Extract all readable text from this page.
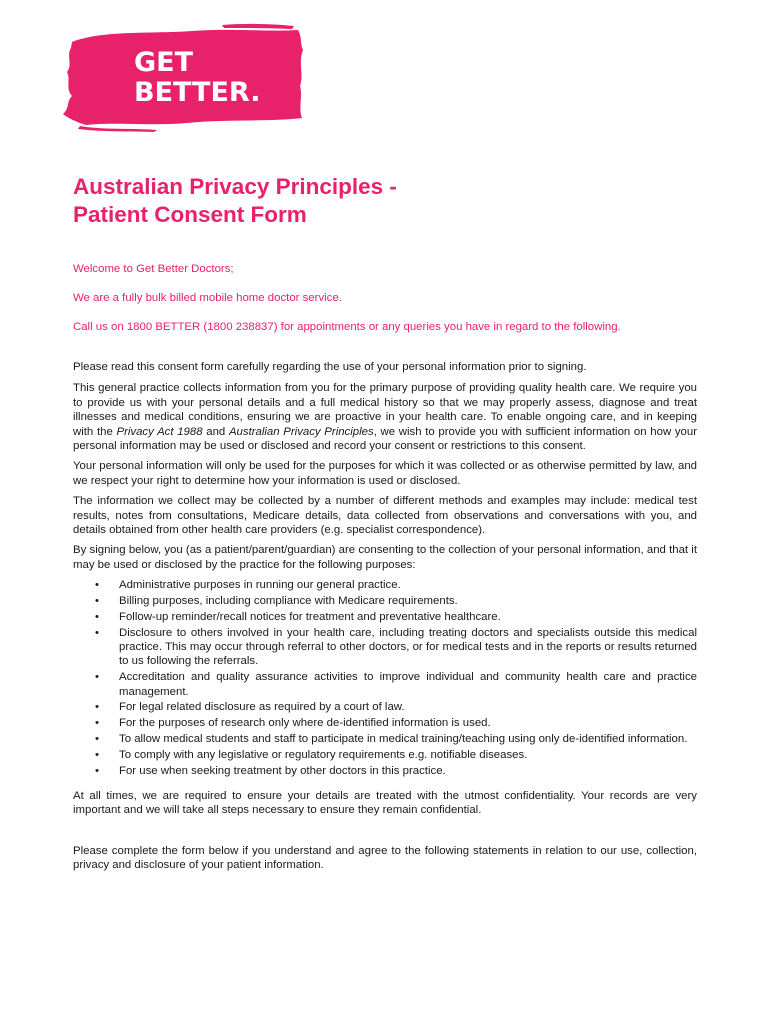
GET
BETTER.
Australian Privacy Principles -
Patient Consent Form

Welcome to Get Better Doctors;

We are a fully bulk billed mobile home doctor service.

Call us on 1800 BETTER (1800 238837) for appointments or any queries you have in regard to the following.

Please read this consent form carefully regarding the use of your personal information prior to signing.

This general practice collects information from you for the primary purpose of providing quality health care. We require you to provide us with your personal details and a full medical history so that we may properly assess, diagnose and treat illnesses and medical conditions, ensuring we are proactive in your health care. To enable ongoing care, and in keeping with the Privacy Act 1988 and Australian Privacy Principles, we wish to provide you with sufficient information on how your personal information may be used or disclosed and record your consent or restrictions to this consent.

Your personal information will only be used for the purposes for which it was collected or as otherwise permitted by law, and we respect your right to determine how your information is used or disclosed.

The information we collect may be collected by a number of different methods and examples may include: medical test results, notes from consultations, Medicare details, data collected from observations and conversations with you, and details obtained from other health care providers (e.g. specialist correspondence).

By signing below, you (as a patient/parent/guardian) are consenting to the collection of your personal information, and that it may be used or disclosed by the practice for the following purposes:

• Administrative purposes in running our general practice.
• Billing purposes, including compliance with Medicare requirements.
• Follow-up reminder/recall notices for treatment and preventative healthcare.
• Disclosure to others involved in your health care, including treating doctors and specialists outside this medical practice. This may occur through referral to other doctors, or for medical tests and in the reports or results returned to us following the referrals.
• Accreditation and quality assurance activities to improve individual and community health care and practice management.
• For legal related disclosure as required by a court of law.
• For the purposes of research only where de-identified information is used.
• To allow medical students and staff to participate in medical training/teaching using only de-identified information.
• To comply with any legislative or regulatory requirements e.g. notifiable diseases.
• For use when seeking treatment by other doctors in this practice.

At all times, we are required to ensure your details are treated with the utmost confidentiality. Your records are very important and we will take all steps necessary to ensure they remain confidential.

Please complete the form below if you understand and agree to the following statements in relation to our use, collection, privacy and disclosure of your patient information.
